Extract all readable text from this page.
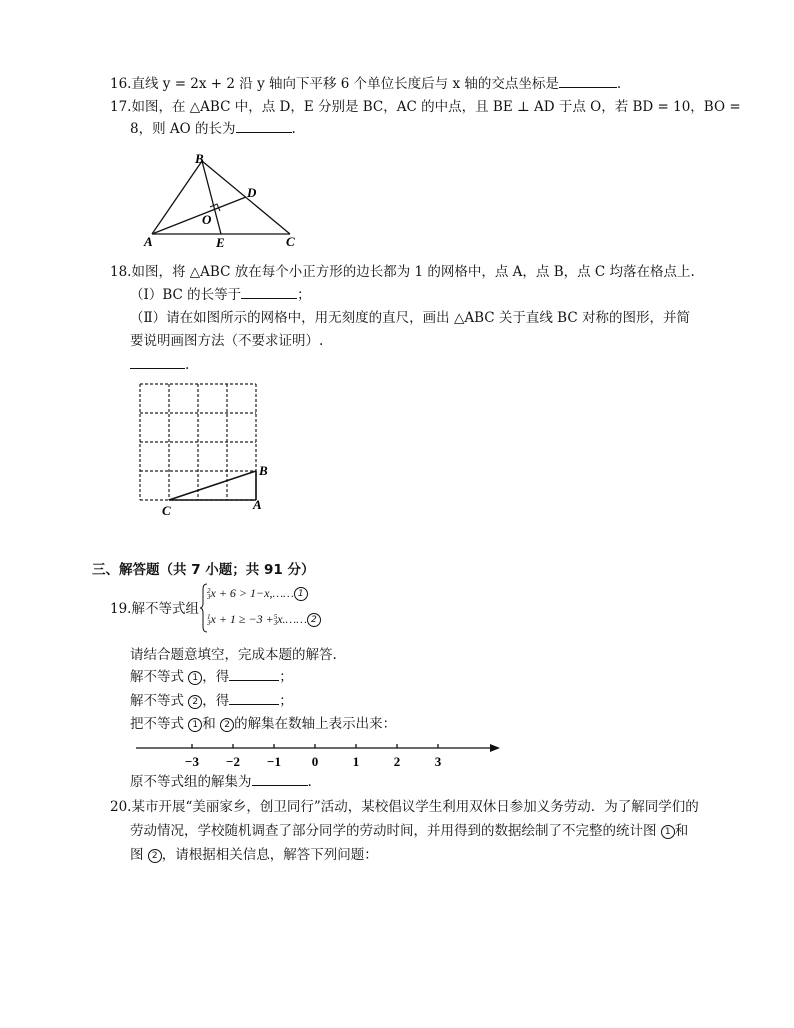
16.直线 y = 2x + 2 沿 y 轴向下平移 6 个单位长度后与 x 轴的交点坐标是	.
17.如图，在 △ABC 中，点 D，E 分别是 BC，AC 的中点，且 BE ⊥ AD 于点 O，若 BD = 10，BO =
8，则 AO 的长为	.
B
D
O
A	E	C
18.如图，将 △ABC 放在每个小正方形的边长都为 1 的网格中，点 A，点 B，点 C 均落在格点上.
（Ⅰ）BC 的长等于	；
（Ⅱ）请在如图所示的网格中，用无刻度的直尺，画出 △ABC 关于直线 BC 对称的图形，并简
要说明画图方法（不要求证明）.
.
B
C	A
三、解答题（共 7 小题；共 91 分）
19.解不等式组
2
3x + 6 > 1−x,…… 1
1
3x + 1 ≥ −3 +5
3x.…… 2
请结合题意填空，完成本题的解答.
解不等式 1 ，得	；
解不等式 2 ，得	；
把不等式 1 和 2 的解集在数轴上表示出来：
−3 −2 −1 0	1	2	3
原不等式组的解集为	.
20.某市开展“美丽家乡，创卫同行”活动，某校倡议学生利用双休日参加义务劳动．为了解同学们的
劳动情况，学校随机调查了部分同学的劳动时间，并用得到的数据绘制了不完整的统计图 1 和
图 2 ，请根据相关信息，解答下列问题：
